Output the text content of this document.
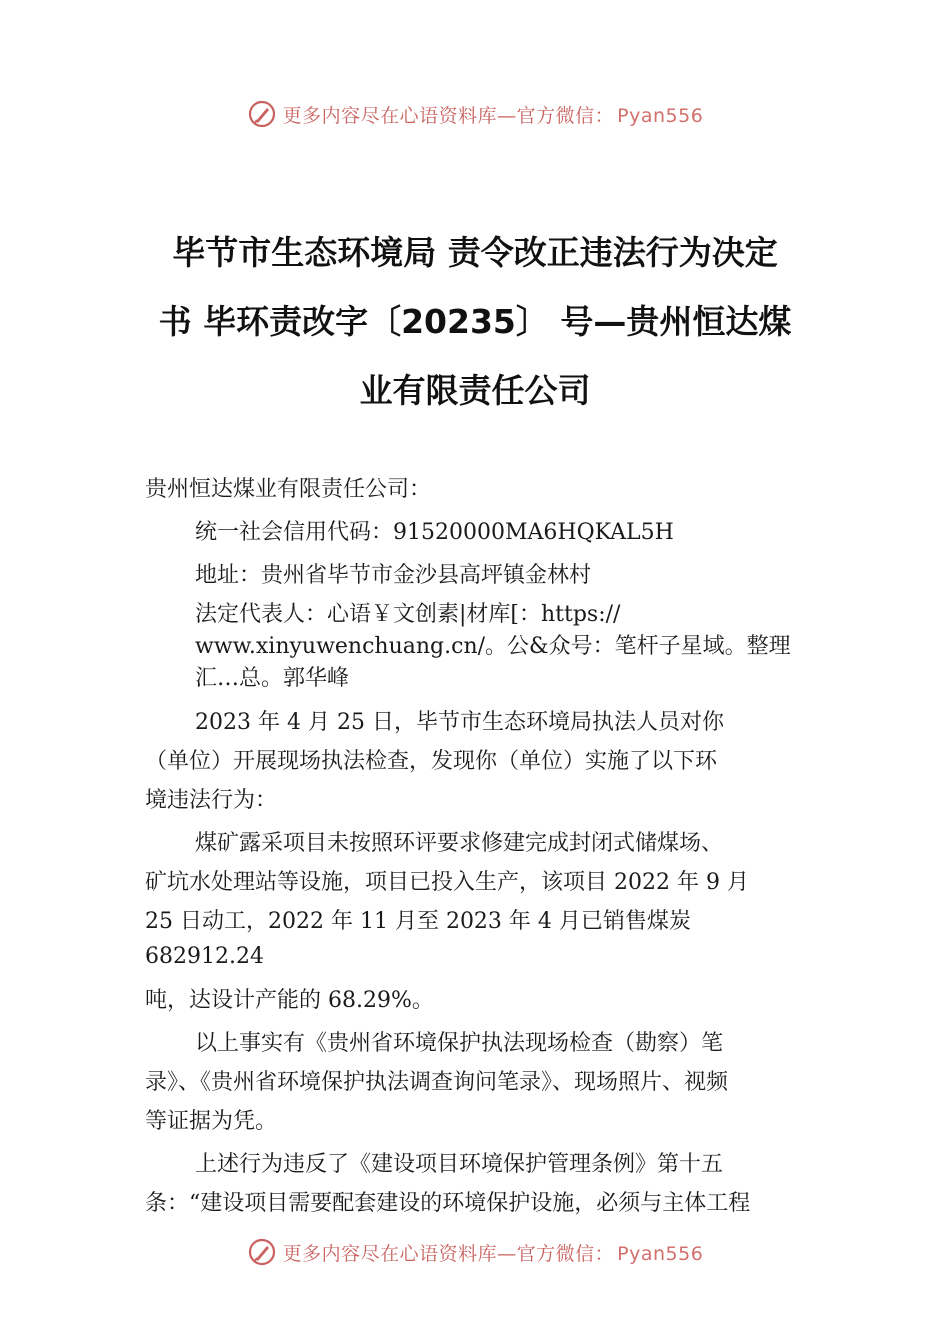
更多内容尽在心语资料库—官方微信： Pyan556
毕节市生态环境局 责令改正违法行为决定
书 毕环责改字〔20235〕 号—贵州恒达煤
业有限责任公司

贵州恒达煤业有限责任公司：

统一社会信用代码：91520000MA6HQKAL5H

地址：贵州省毕节市金沙县高坪镇金林村

法定代表人：心语￥文创素|材库[：https://

www.xinyuwenchuang.cn/。公&众号：笔杆子星域。整理

汇…总。郭华峰

2023 年 4 月 25 日，毕节市生态环境局执法人员对你

（单位）开展现场执法检查，发现你（单位）实施了以下环

境违法行为：

煤矿露采项目未按照环评要求修建完成封闭式储煤场、

矿坑水处理站等设施，项目已投入生产，该项目 2022 年 9 月

25 日动工，2022 年 11 月至 2023 年 4 月已销售煤炭

682912.24

吨，达设计产能的 68.29%。

以上事实有《贵州省环境保护执法现场检查（勘察）笔

录》、《贵州省环境保护执法调查询问笔录》、现场照片、视频

等证据为凭。

上述行为违反了《建设项目环境保护管理条例》第十五

条：“建设项目需要配套建设的环境保护设施，必须与主体工程

更多内容尽在心语资料库—官方微信： Pyan556
